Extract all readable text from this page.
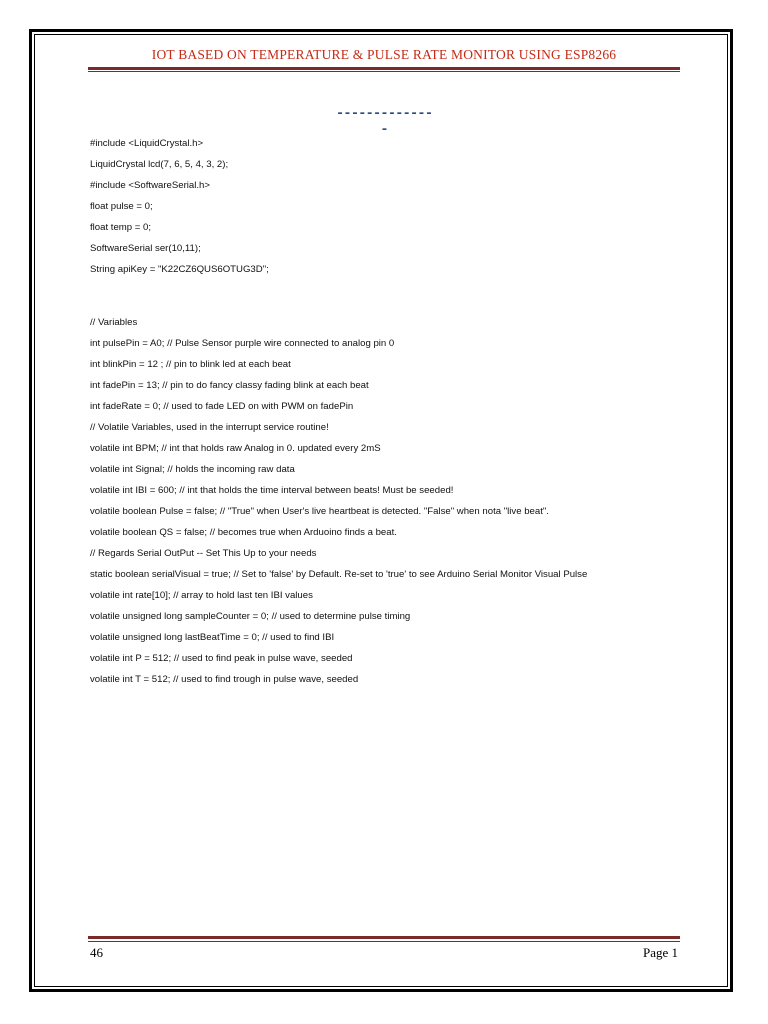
IOT BASED ON TEMPERATURE & PULSE RATE MONITOR USING ESP8266
--------------

#include <LiquidCrystal.h>

LiquidCrystal lcd(7, 6, 5, 4, 3, 2);

#include <SoftwareSerial.h>

float pulse = 0;

float temp = 0;

SoftwareSerial ser(10,11);

String apiKey = "K22CZ6QUS6OTUG3D";

// Variables

int pulsePin = A0; // Pulse Sensor purple wire connected to analog pin 0

int blinkPin = 12 ; // pin to blink led at each beat

int fadePin = 13; // pin to do fancy classy fading blink at each beat

int fadeRate = 0; // used to fade LED on with PWM on fadePin

// Volatile Variables, used in the interrupt service routine!

volatile int BPM; // int that holds raw Analog in 0. updated every 2mS

volatile int Signal; // holds the incoming raw data

volatile int IBI = 600; // int that holds the time interval between beats! Must be seeded!

volatile boolean Pulse = false; // "True" when User's live heartbeat is detected. "False" when nota "live beat".

volatile boolean QS = false; // becomes true when Arduoino finds a beat.

// Regards Serial OutPut -- Set This Up to your needs

static boolean serialVisual = true; // Set to 'false' by Default. Re-set to 'true' to see Arduino Serial Monitor Visual Pulse

volatile int rate[10]; // array to hold last ten IBI values

volatile unsigned long sampleCounter = 0; // used to determine pulse timing

volatile unsigned long lastBeatTime = 0; // used to find IBI

volatile int P = 512; // used to find peak in pulse wave, seeded

volatile int T = 512; // used to find trough in pulse wave, seeded

46	Page 1
